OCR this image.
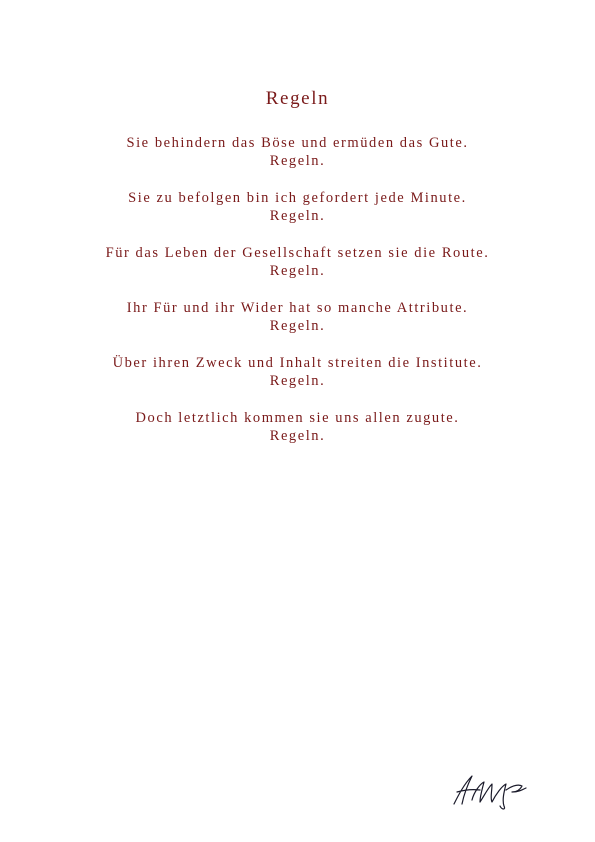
Regeln
Sie behindern das Böse und ermüden das Gute.
Regeln.
Sie zu befolgen bin ich gefordert jede Minute.
Regeln.
Für das Leben der Gesellschaft setzen sie die Route.
Regeln.
Ihr Für und ihr Wider hat so manche Attribute.
Regeln.
Über ihren Zweck und Inhalt streiten die Institute.
Regeln.
Doch letztlich kommen sie uns allen zugute.
Regeln.
